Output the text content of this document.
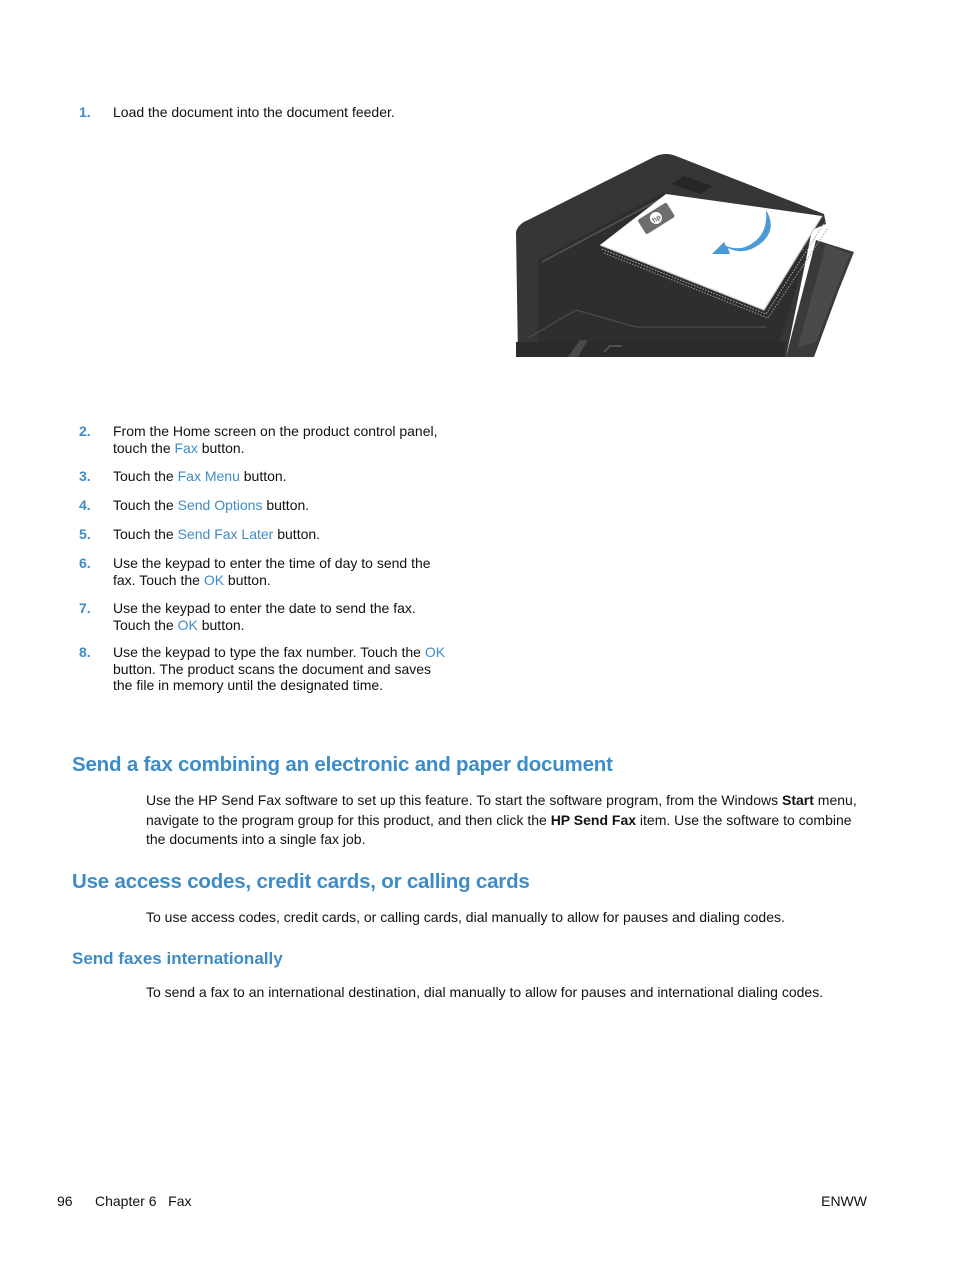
1. Load the document into the document feeder.
hp
2. From the Home screen on the product control panel, touch the Fax button.
3. Touch the Fax Menu button.
4. Touch the Send Options button.
5. Touch the Send Fax Later button.
6. Use the keypad to enter the time of day to send the fax. Touch the OK button.
7. Use the keypad to enter the date to send the fax. Touch the OK button.
8. Use the keypad to type the fax number. Touch the OK button. The product scans the document and saves the file in memory until the designated time.
Send a fax combining an electronic and paper document
Use the HP Send Fax software to set up this feature. To start the software program, from the Windows Start menu, navigate to the program group for this product, and then click the HP Send Fax item. Use the software to combine the documents into a single fax job.
Use access codes, credit cards, or calling cards
To use access codes, credit cards, or calling cards, dial manually to allow for pauses and dialing codes.
Send faxes internationally
To send a fax to an international destination, dial manually to allow for pauses and international dialing codes.
96 Chapter 6   Fax	ENWW
